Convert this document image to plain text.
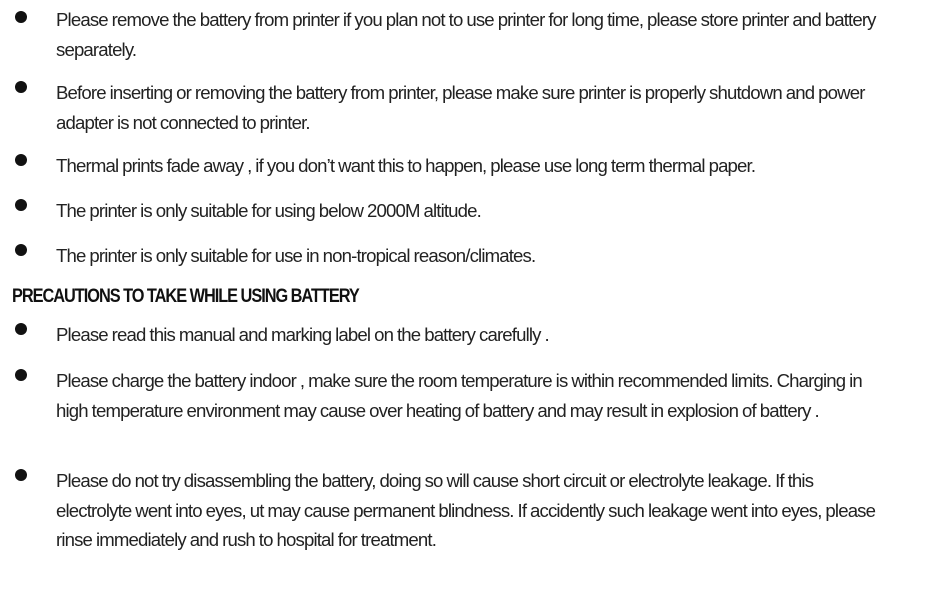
Please remove the battery from printer if you plan not to use printer for long time, please store printer and battery separately.
Before inserting or removing the battery from printer, please make sure printer is properly shutdown and power adapter is not connected to printer.
Thermal prints fade away , if you don’t want this to happen, please use long term thermal paper.
The printer is only suitable for using below 2000M altitude.
The printer is only suitable for use in non-tropical reason/climates.
PRECAUTIONS TO TAKE WHILE USING BATTERY
Please read this manual and marking label on the battery carefully .
Please charge the battery indoor , make sure the room temperature is within recommended limits. Charging in high temperature environment may cause over heating of battery and may result in explosion of battery .
Please do not try disassembling the battery, doing so will cause short circuit or electrolyte leakage. If this electrolyte went into eyes, ut may cause permanent blindness. If accidently such leakage went into eyes, please rinse immediately and rush to hospital for treatment.
